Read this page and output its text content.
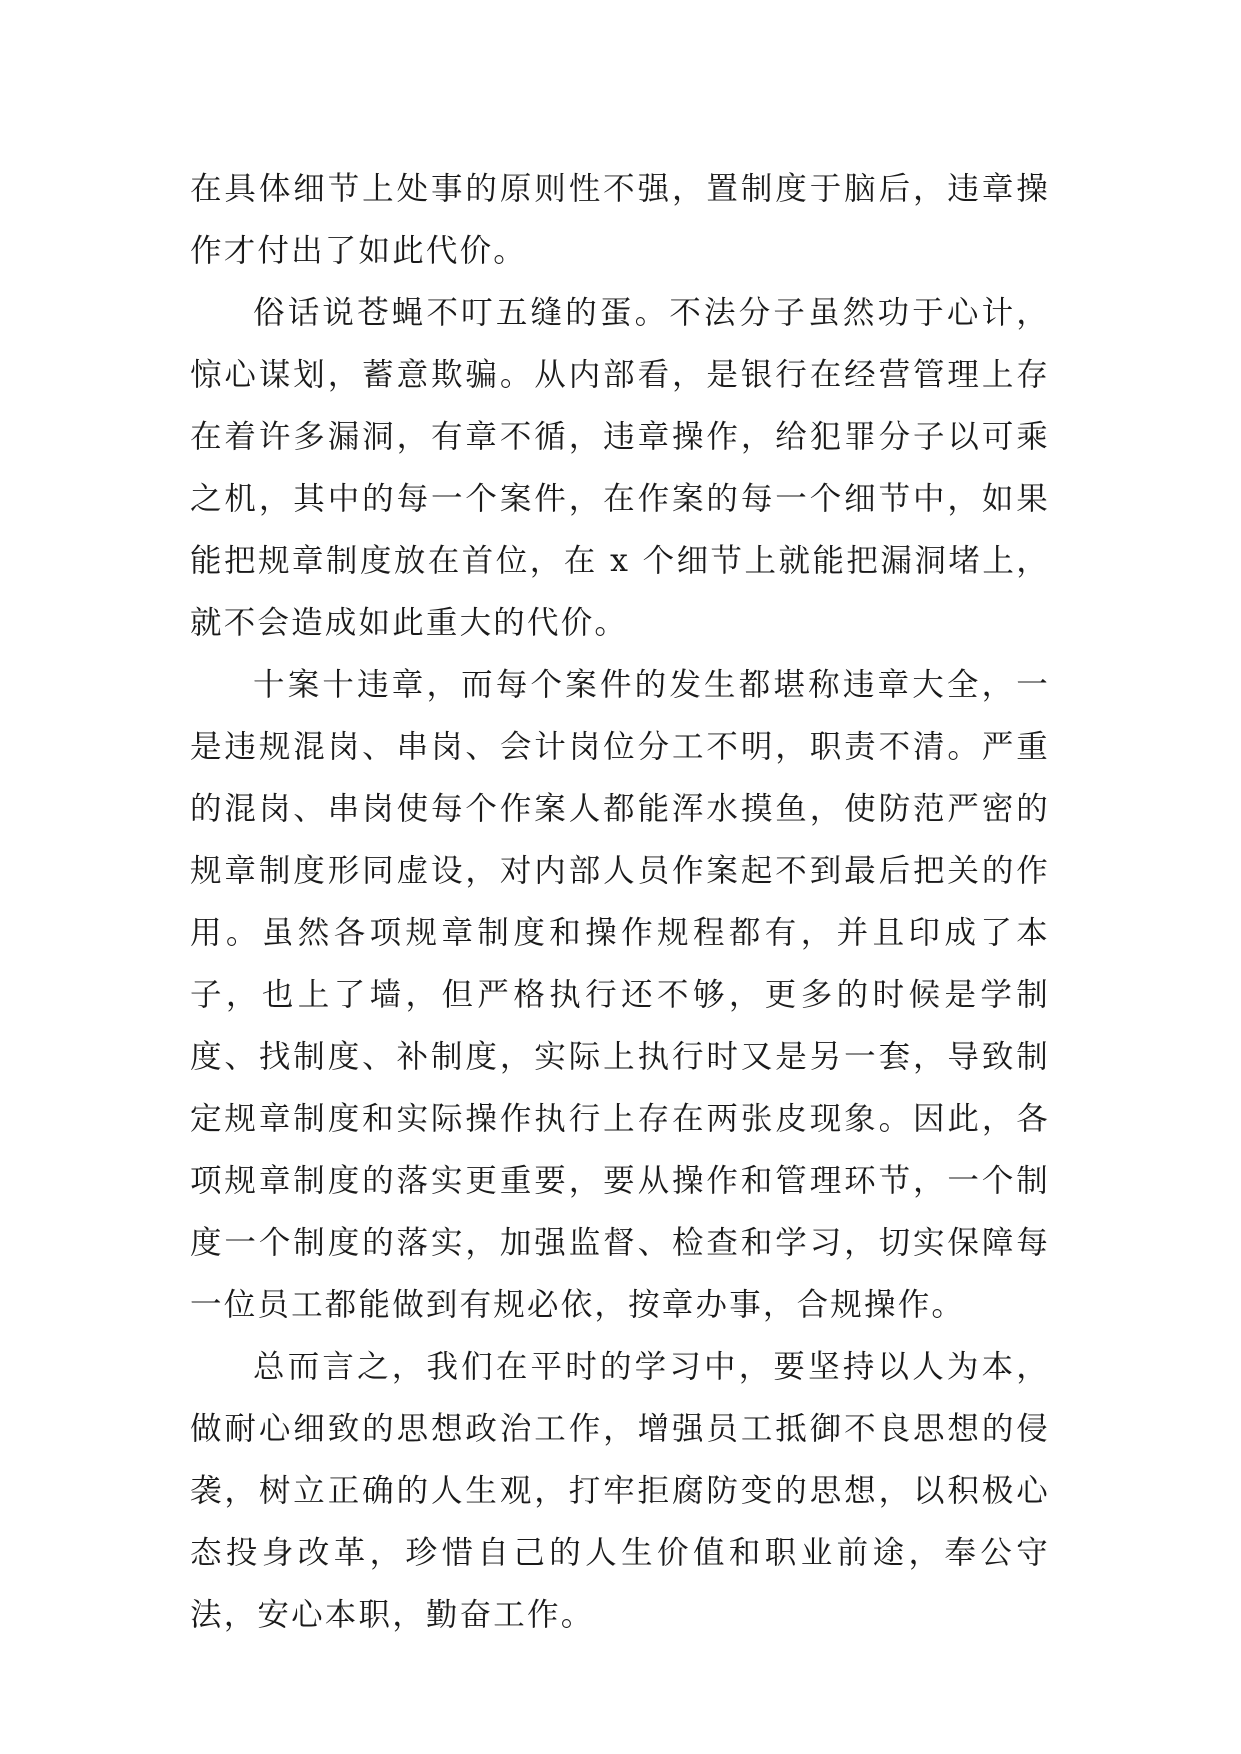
在具体细节上处事的原则性不强，置制度于脑后，违章操作才付出了如此代价。

俗话说苍蝇不叮五缝的蛋。不法分子虽然功于心计，惊心谋划，蓄意欺骗。从内部看，是银行在经营管理上存在着许多漏洞，有章不循，违章操作，给犯罪分子以可乘之机，其中的每一个案件，在作案的每一个细节中，如果能把规章制度放在首位，在 x 个细节上就能把漏洞堵上，就不会造成如此重大的代价。

十案十违章，而每个案件的发生都堪称违章大全，一是违规混岗、串岗、会计岗位分工不明，职责不清。严重的混岗、串岗使每个作案人都能浑水摸鱼，使防范严密的规章制度形同虚设，对内部人员作案起不到最后把关的作用。虽然各项规章制度和操作规程都有，并且印成了本子，也上了墙，但严格执行还不够，更多的时候是学制度、找制度、补制度，实际上执行时又是另一套，导致制定规章制度和实际操作执行上存在两张皮现象。因此，各项规章制度的落实更重要，要从操作和管理环节，一个制度一个制度的落实，加强监督、检查和学习，切实保障每一位员工都能做到有规必依，按章办事，合规操作。

总而言之，我们在平时的学习中，要坚持以人为本，做耐心细致的思想政治工作，增强员工抵御不良思想的侵袭，树立正确的人生观，打牢拒腐防变的思想，以积极心态投身改革，珍惜自己的人生价值和职业前途，奉公守法，安心本职，勤奋工作。
